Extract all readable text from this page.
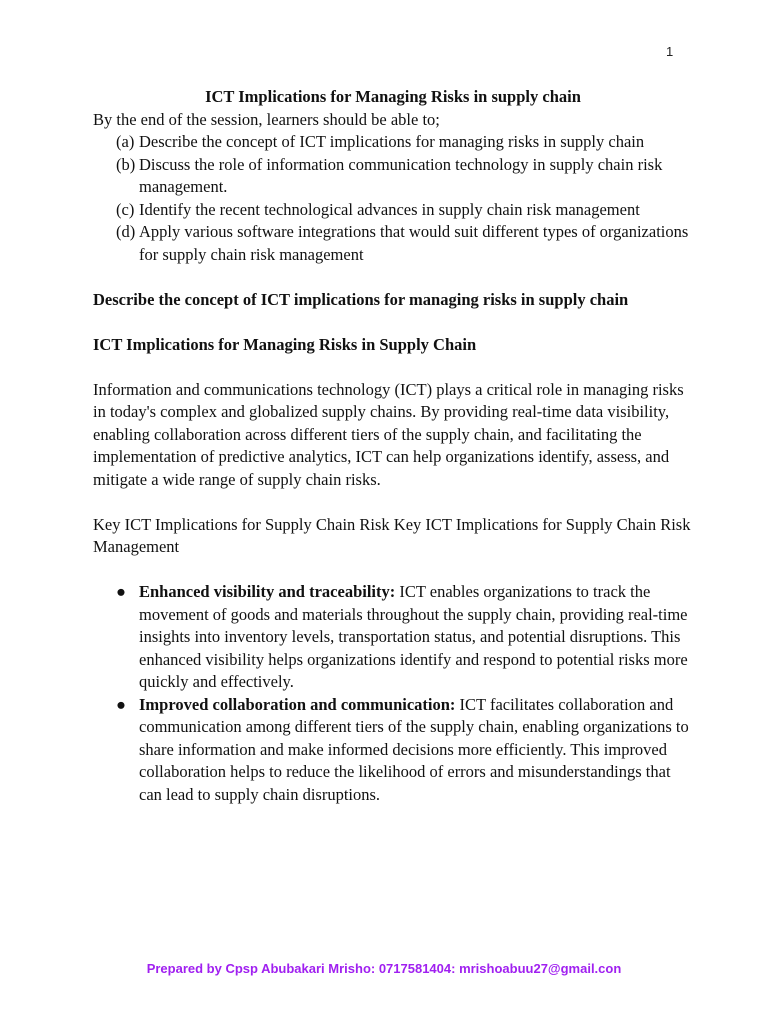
1

ICT Implications for Managing Risks in supply chain

By the end of the session, learners should be able to;

(a) Describe the concept of ICT implications for managing risks in supply chain
(b) Discuss the role of information communication technology in supply chain risk management.
(c) Identify the recent technological advances in supply chain risk management
(d) Apply various software integrations that would suit different types of organizations for supply chain risk management

Describe the concept of ICT implications for managing risks in supply chain

ICT Implications for Managing Risks in Supply Chain

Information and communications technology (ICT) plays a critical role in managing risks in today's complex and globalized supply chains. By providing real-time data visibility, enabling collaboration across different tiers of the supply chain, and facilitating the implementation of predictive analytics, ICT can help organizations identify, assess, and mitigate a wide range of supply chain risks.

Key ICT Implications for Supply Chain Risk Key ICT Implications for Supply Chain Risk Management

● Enhanced visibility and traceability: ICT enables organizations to track the movement of goods and materials throughout the supply chain, providing real-time insights into inventory levels, transportation status, and potential disruptions. This enhanced visibility helps organizations identify and respond to potential risks more quickly and effectively.
● Improved collaboration and communication: ICT facilitates collaboration and communication among different tiers of the supply chain, enabling organizations to share information and make informed decisions more efficiently. This improved collaboration helps to reduce the likelihood of errors and misunderstandings that can lead to supply chain disruptions.
Prepared by Cpsp Abubakari Mrisho: 0717581404: mrishoabuu27@gmail.con
